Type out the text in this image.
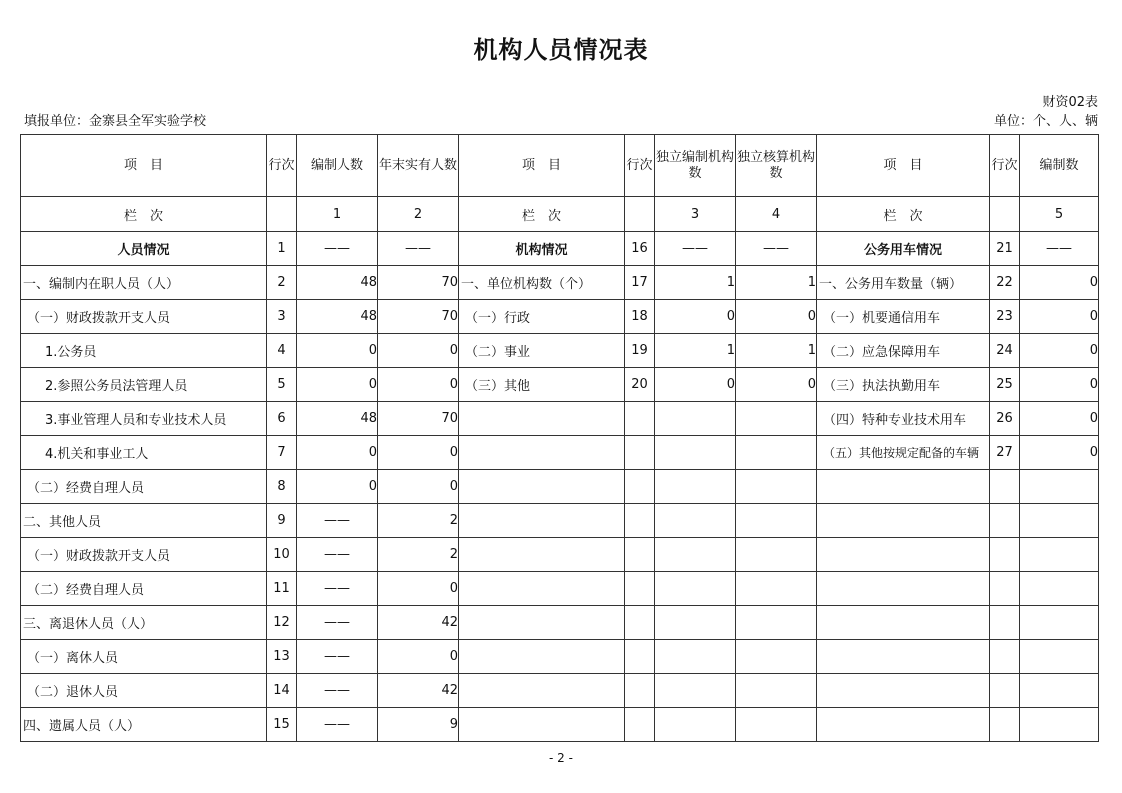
机构人员情况表
财资02表
填报单位：金寨县全军实验学校	单位：个、人、辆
项　目	行次	编制人数	年末实有人数	项　目	行次	独立编制机构数	独立核算机构数	项　目	行次	编制数
栏　次		1	2	栏　次		3	4	栏　次		5
人员情况	1	——	——	机构情况	16	——	——	公务用车情况	21	——
一、编制内在职人员（人）	2	48	70	一、单位机构数（个）	17	1	1	一、公务用车数量（辆）	22	0
（一）财政拨款开支人员	3	48	70	（一）行政	18	0	0	（一）机要通信用车	23	0
1.公务员	4	0	0	（二）事业	19	1	1	（二）应急保障用车	24	0
2.参照公务员法管理人员	5	0	0	（三）其他	20	0	0	（三）执法执勤用车	25	0
3.事业管理人员和专业技术人员	6	48	70					（四）特种专业技术用车	26	0
4.机关和事业工人	7	0	0					（五）其他按规定配备的车辆	27	0
（二）经费自理人员	8	0	0							
二、其他人员	9	——	2							
（一）财政拨款开支人员	10	——	2							
（二）经费自理人员	11	——	0							
三、离退休人员（人）	12	——	42							
（一）离休人员	13	——	0							
（二）退休人员	14	——	42							
四、遗属人员（人）	15	——	9							
- 2 -
